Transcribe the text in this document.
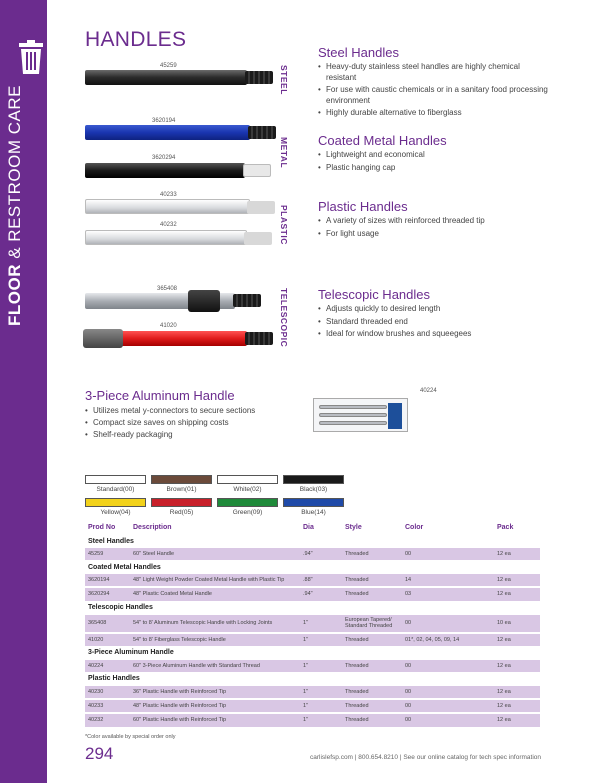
FLOOR & RESTROOM CARE
HANDLES
45259
3620194
3620294
40233
40232
365408
41020
STEEL
METAL
PLASTIC
TELESCOPIC
Steel Handles
• Heavy-duty stainless steel handles are highly chemical resistant
• For use with caustic chemicals or in a sanitary food processing environment
• Highly durable alternative to fiberglass
Coated Metal Handles
• Lightweight and economical
• Plastic hanging cap
Plastic Handles
• A variety of sizes with reinforced threaded tip
• For light usage
Telescopic Handles
• Adjusts quickly to desired length
• Standard threaded end
• Ideal for window brushes and squeegees
3-Piece Aluminum Handle
• Utilizes metal y-connectors to secure sections
• Compact size saves on shipping costs
• Shelf-ready packaging
40224
Standard(00)	Brown(01)	White(02)	Black(03)
Yellow(04)	Red(05)	Green(09)	Blue(14)
Prod No	Description	Dia	Style	Color	Pack
Steel Handles					
45259	60" Steel Handle	.94"	Threaded	00	12 ea
Coated Metal Handles					
3620194	48" Light Weight Powder Coated Metal Handle with Plastic Tip	.88"	Threaded	14	12 ea

3620294	48" Plastic Coated Metal Handle	.94"	Threaded	03	12 ea
Telescopic Handles					
365408	54" to 8' Aluminum Telescopic Handle with Locking Joints	1"	European Tapered/ Standard Threaded	00	10 ea

41020	54" to 8' Fiberglass Telescopic Handle	1"	Threaded	01*, 02, 04, 05, 09, 14	12 ea
3-Piece Aluminum Handle					
40224	60" 3-Piece Aluminum Handle with Standard Thread	1"	Threaded	00	12 ea
Plastic Handles					
40230	36" Plastic Handle with Reinforced Tip	1"	Threaded	00	12 ea

40233	48" Plastic Handle with Reinforced Tip	1"	Threaded	00	12 ea

40232	60" Plastic Handle with Reinforced Tip	1"	Threaded	00	12 ea
*Color available by special order only
294	carlislefsp.com | 800.654.8210 | See our online catalog for tech spec information
